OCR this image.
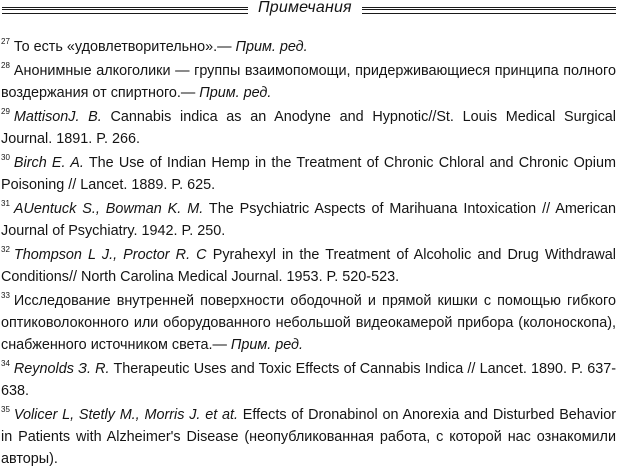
Примечания

$^{27}$ То есть «удовлетворительно».— Прим. ред.

$^{28}$ Анонимные алкоголики — группы взаимопомощи, придерживающиеся принципа полного воздержания от спиртного.— Прим. ред.

$^{29}$ MattisonJ. B. Cannabis indica as an Anodyne and Hypnotic//St. Louis Medical Surgical Journal. 1891. P. 266.

$^{30}$ Birch E. A. The Use of Indian Hemp in the Treatment of Chronic Chloral and Chronic Opium Poisoning // Lancet. 1889. P. 625.

$^{31}$ AUentuck S., Bowman K. M. The Psychiatric Aspects of Marihuana Intoxication // American Journal of Psychiatry. 1942. P. 250.

$^{32}$ Thompson L J., Proctor R. C Pyrahexyl in the Treatment of Alcoholic and Drug Withdrawal Conditions// North Carolina Medical Journal. 1953. P. 520-523.

$^{33}$ Исследование внутренней поверхности ободочной и прямой кишки с помощью гибкого оптиковолоконного или оборудованного небольшой видеокамерой прибора (колоноскопа), снабженного источником света.— Прим. ред.

$^{34}$ Reynolds З. R. Therapeutic Uses and Toxic Effects of Cannabis Indica // Lancet. 1890. P. 637-638.

$^{35}$ Volicer L, Stetly M., Morris J. et at. Effects of Dronabinol on Anorexia and Disturbed Behavior in Patients with Alzheimer's Disease (неопубликованная работа, с которой нас ознакомили авторы).
